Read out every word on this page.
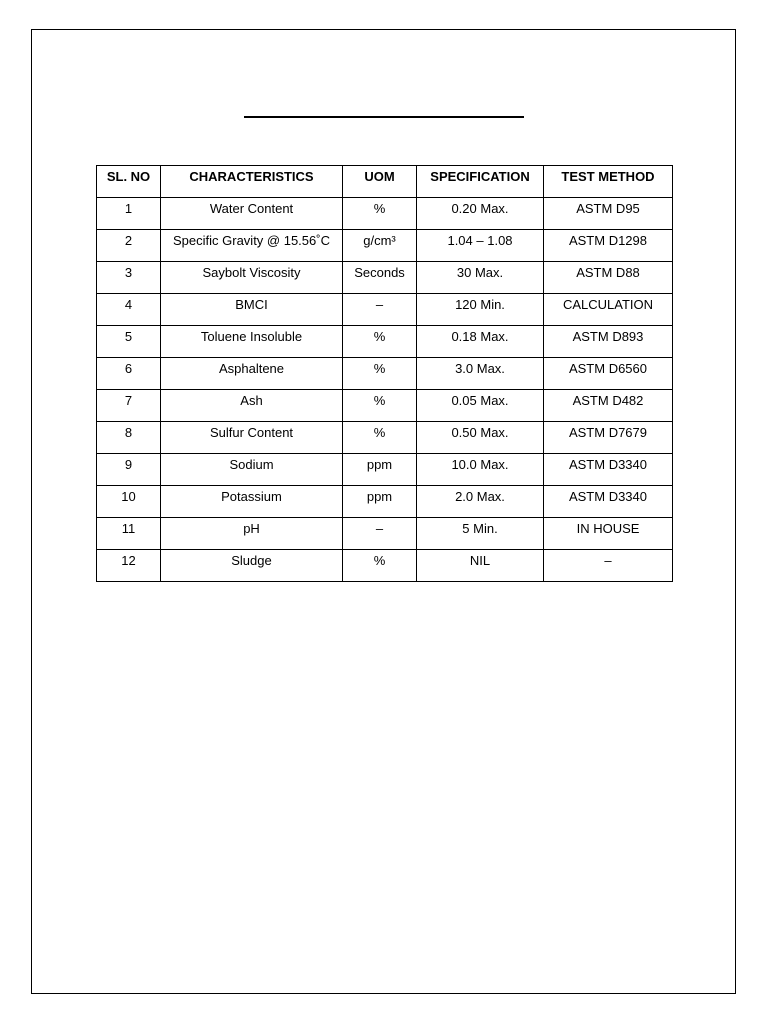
SL. NO	CHARACTERISTICS	UOM	SPECIFICATION	TEST METHOD
1	Water Content	%	0.20 Max.	ASTM D95
2	Specific Gravity @ 15.56˚C	g/cm³	1.04 – 1.08	ASTM D1298
3	Saybolt Viscosity	Seconds	30 Max.	ASTM D88
4	BMCI	–	120 Min.	CALCULATION
5	Toluene Insoluble	%	0.18 Max.	ASTM D893
6	Asphaltene	%	3.0 Max.	ASTM D6560
7	Ash	%	0.05 Max.	ASTM D482
8	Sulfur Content	%	0.50 Max.	ASTM D7679
9	Sodium	ppm	10.0 Max.	ASTM D3340
10	Potassium	ppm	2.0 Max.	ASTM D3340
11	pH	–	5 Min.	IN HOUSE
12	Sludge	%	NIL	–
